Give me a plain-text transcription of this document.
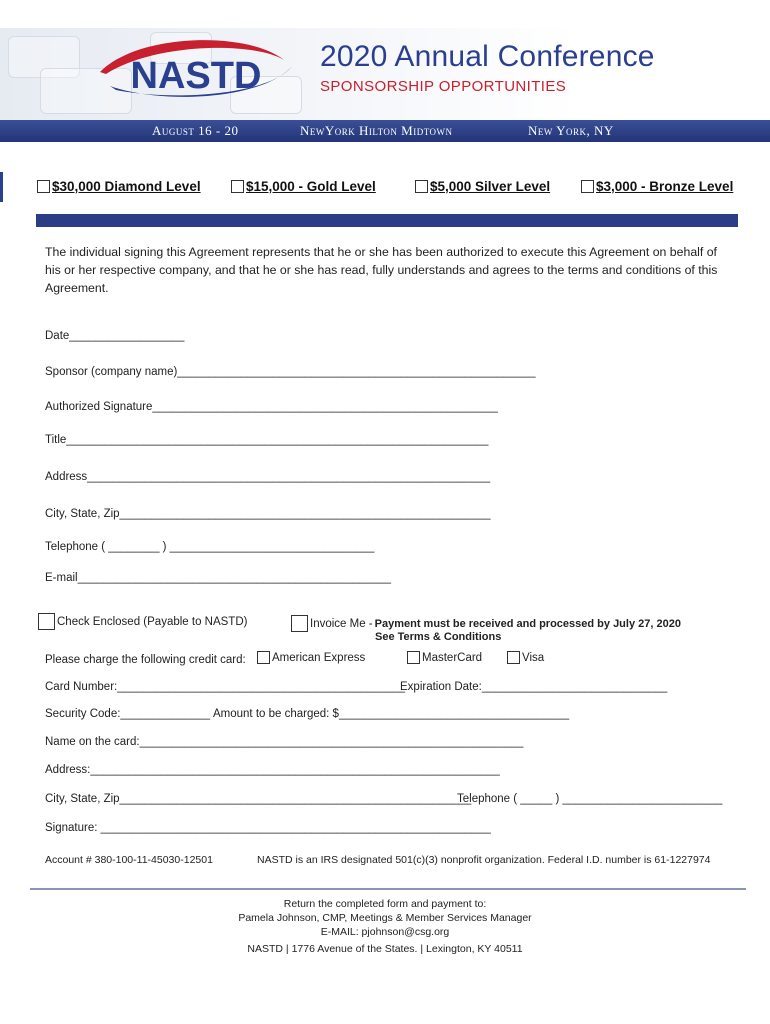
NASTD 2020 Annual Conference
SPONSORSHIP OPPORTUNITIES
August 16 - 20	NewYork Hilton Midtown	New York, NY
$30,000 Diamond Level	$15,000 - Gold Level	$5,000 Silver Level	$3,000 - Bronze Level
The individual signing this Agreement represents that he or she has been authorized to execute this Agreement on behalf of his or her respective company, and that he or she has read, fully understands and agrees to the terms and conditions of this Agreement.
Date__________________
Sponsor (company name)________________________________________________________
Authorized Signature______________________________________________________
Title__________________________________________________________________
Address_______________________________________________________________
City, State, Zip__________________________________________________________
Telephone ( ________ ) ________________________________
E-mail_________________________________________________
Check Enclosed (Payable to NASTD)	Invoice Me - Payment must be received and processed by July 27, 2020
See Terms & Conditions
Please charge the following credit card: American Express	MasterCard	Visa
Card Number:_____________________________________________
Expiration Date:_____________________________
Security Code:______________ Amount to be charged: $____________________________________
Name on the card:____________________________________________________________
Address:________________________________________________________________
City, State, Zip_______________________________________________________
Telephone ( _____ ) _________________________
Signature: _____________________________________________________________
Account # 380-100-11-45030-12501	NASTD is an IRS designated 501(c)(3) nonprofit organization. Federal I.D. number is 61-1227974
Return the completed form and payment to:
Pamela Johnson, CMP, Meetings & Member Services Manager
E-MAIL: pjohnson@csg.org
NASTD | 1776 Avenue of the States. | Lexington, KY 40511
